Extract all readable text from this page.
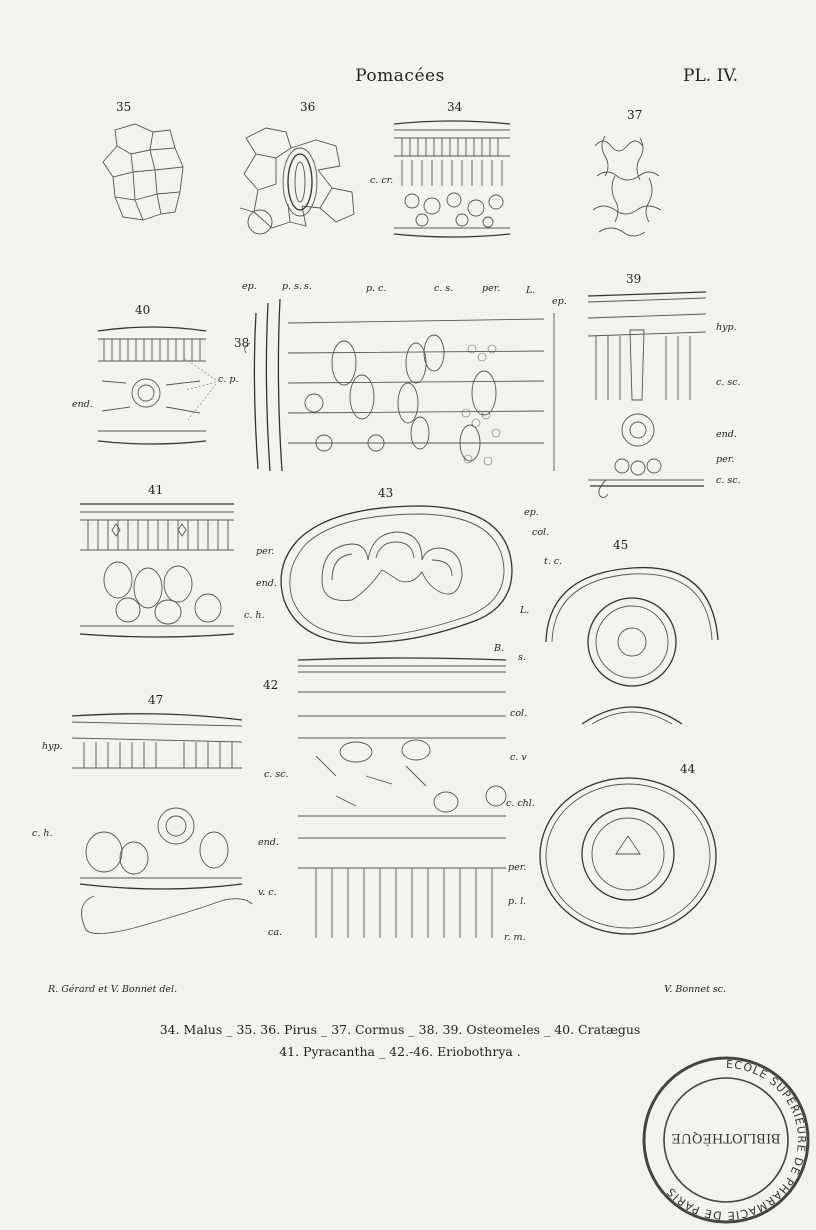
Pomacées	PL. IV.
35	36	34
37
40
38
39
41	43
45
47
42
44
c. cr.
end.
c. p.
ep.	p. s. s.	p. c.	c. s.	per.	L.
ep.
hyp.
c. sc.
end.
per.
c. sc.
c. h.
ep.
col.
t. c.
per.
end.
L.
B.
s.
hyp.
c. sc.
c. h.
col.
c. v
c. chl.
end.
per.
p. l.
v. c.
ca.	r. m.
R. Gérard et V. Bonnet del.	V. Bonnet sc.
34. Malus _ 35. 36. Pirus _ 37. Cormus _ 38. 39. Osteomeles _ 40. Cratægus
41. Pyracantha _ 42.-46. Eriobothrya .
BIBLIOTHÈQUE
ÉCOLE SUPÉRIEURE DE PHARMACIE DE PARIS
